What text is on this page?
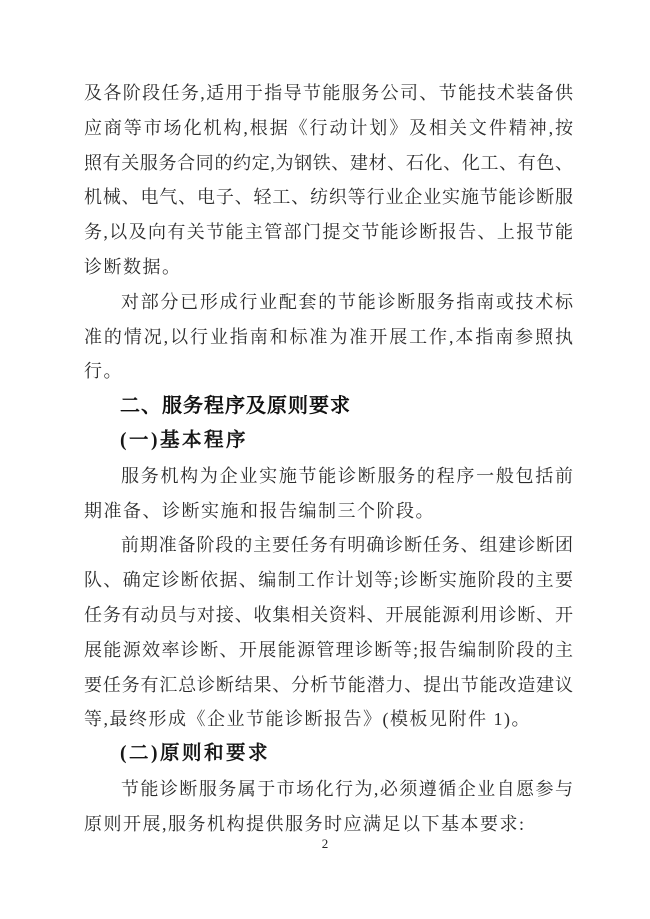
及各阶段任务,适用于指导节能服务公司、节能技术装备供
应商等市场化机构,根据《行动计划》及相关文件精神,按
照有关服务合同的约定,为钢铁、建材、石化、化工、有色、
机械、电气、电子、轻工、纺织等行业企业实施节能诊断服
务,以及向有关节能主管部门提交节能诊断报告、上报节能
诊断数据。
对部分已形成行业配套的节能诊断服务指南或技术标
准的情况,以行业指南和标准为准开展工作,本指南参照执
行。
二、服务程序及原则要求
(一)基本程序
服务机构为企业实施节能诊断服务的程序一般包括前
期准备、诊断实施和报告编制三个阶段。
前期准备阶段的主要任务有明确诊断任务、组建诊断团
队、确定诊断依据、编制工作计划等;诊断实施阶段的主要
任务有动员与对接、收集相关资料、开展能源利用诊断、开
展能源效率诊断、开展能源管理诊断等;报告编制阶段的主
要任务有汇总诊断结果、分析节能潜力、提出节能改造建议
等,最终形成《企业节能诊断报告》(模板见附件 1)。
(二)原则和要求
节能诊断服务属于市场化行为,必须遵循企业自愿参与
原则开展,服务机构提供服务时应满足以下基本要求:
2
